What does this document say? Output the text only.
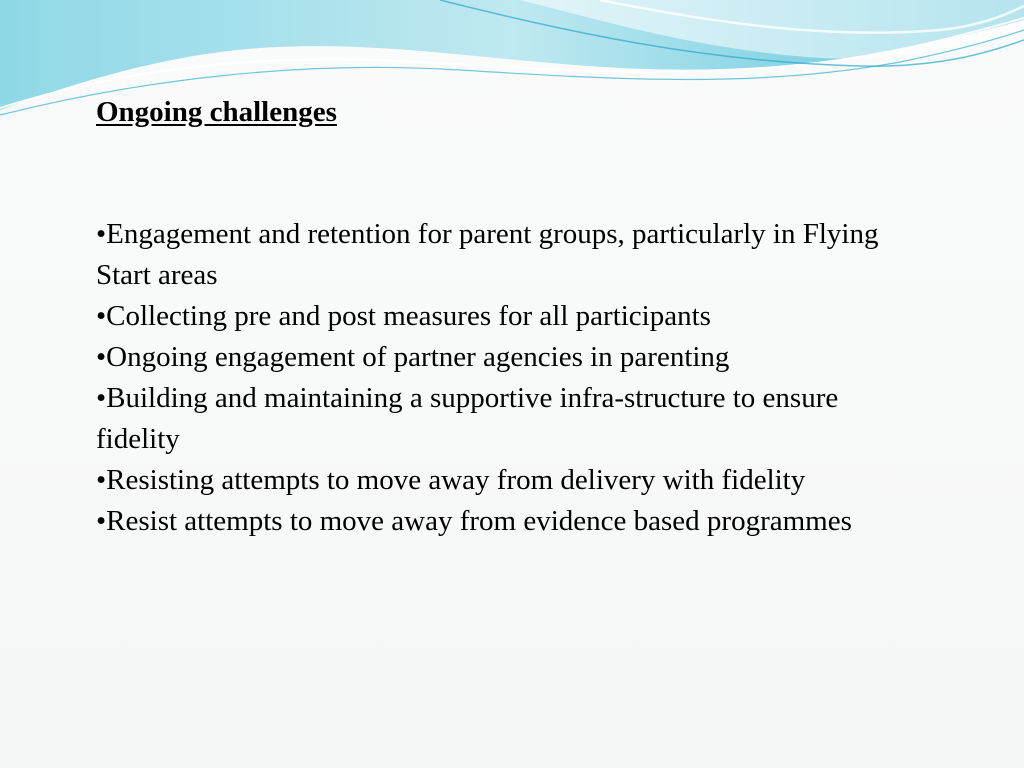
Ongoing challenges
•Engagement and retention for parent groups, particularly in Flying Start areas
•Collecting pre and post measures for all participants
•Ongoing engagement of partner agencies in parenting
•Building and maintaining a supportive infra-structure to ensure fidelity
•Resisting attempts to move away from delivery with fidelity
•Resist attempts to move away from evidence based programmes
